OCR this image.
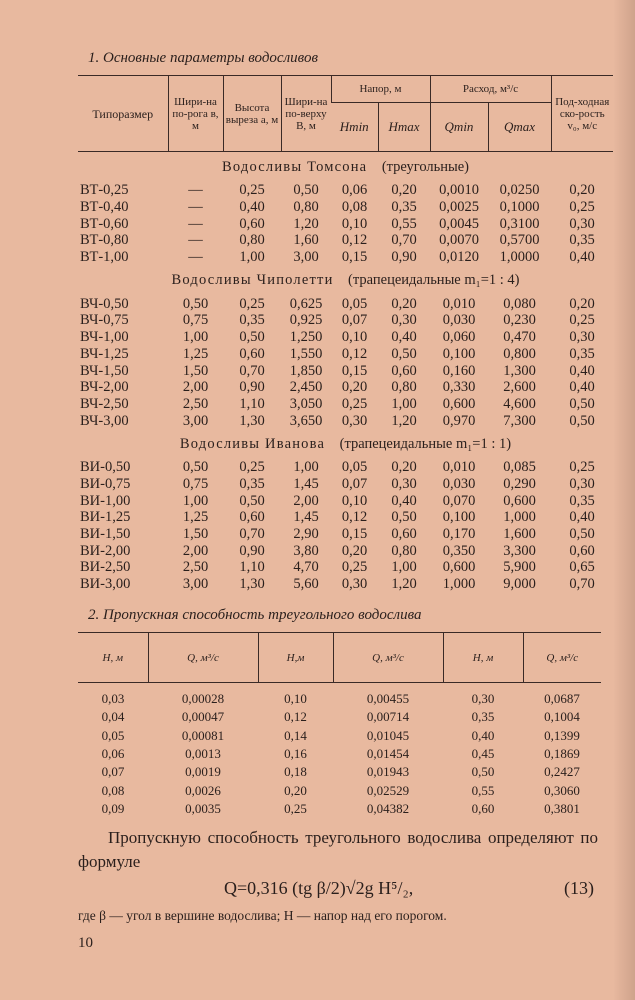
1. Основные параметры водосливов
Типоразмер	Шири-на по-рога в, м	Высота выреза а, м	Шири-на по-верху В, м	Напор, м		Расход, м³/с		Под-ходная ско-рость v₀, м/с
				Hmin	Hmax	Qmin	Qmax	
Водосливы Томсона  (треугольные)								
ВТ-0,25	—	0,25	0,50	0,06	0,20	0,0010	0,0250	0,20
ВТ-0,40	—	0,40	0,80	0,08	0,35	0,0025	0,1000	0,25
ВТ-0,60	—	0,60	1,20	0,10	0,55	0,0045	0,3100	0,30
ВТ-0,80	—	0,80	1,60	0,12	0,70	0,0070	0,5700	0,35
ВТ-1,00	—	1,00	3,00	0,15	0,90	0,0120	1,0000	0,40
Водосливы Чиполетти  (трапецеидальные m₁=1 : 4)								
ВЧ-0,50	0,50	0,25	0,625	0,05	0,20	0,010	0,080	0,20
ВЧ-0,75	0,75	0,35	0,925	0,07	0,30	0,030	0,230	0,25
ВЧ-1,00	1,00	0,50	1,250	0,10	0,40	0,060	0,470	0,30
ВЧ-1,25	1,25	0,60	1,550	0,12	0,50	0,100	0,800	0,35
ВЧ-1,50	1,50	0,70	1,850	0,15	0,60	0,160	1,300	0,40
ВЧ-2,00	2,00	0,90	2,450	0,20	0,80	0,330	2,600	0,40
ВЧ-2,50	2,50	1,10	3,050	0,25	1,00	0,600	4,600	0,50
ВЧ-3,00	3,00	1,30	3,650	0,30	1,20	0,970	7,300	0,50
Водосливы Иванова  (трапецеидальные m₁=1 : 1)								
ВИ-0,50	0,50	0,25	1,00	0,05	0,20	0,010	0,085	0,25
ВИ-0,75	0,75	0,35	1,45	0,07	0,30	0,030	0,290	0,30
ВИ-1,00	1,00	0,50	2,00	0,10	0,40	0,070	0,600	0,35
ВИ-1,25	1,25	0,60	1,45	0,12	0,50	0,100	1,000	0,40
ВИ-1,50	1,50	0,70	2,90	0,15	0,60	0,170	1,600	0,50
ВИ-2,00	2,00	0,90	3,80	0,20	0,80	0,350	3,300	0,60
ВИ-2,50	2,50	1,10	4,70	0,25	1,00	0,600	5,900	0,65
ВИ-3,00	3,00	1,30	5,60	0,30	1,20	1,000	9,000	0,70
2. Пропускная способность треугольного водослива
H, м	Q, м³/с	H,м	Q, м³/с	H, м	Q, м³/с
0,03	0,00028	0,10	0,00455	0,30	0,0687
0,04	0,00047	0,12	0,00714	0,35	0,1004
0,05	0,00081	0,14	0,01045	0,40	0,1399
0,06	0,0013	0,16	0,01454	0,45	0,1869
0,07	0,0019	0,18	0,01943	0,50	0,2427
0,08	0,0026	0,20	0,02529	0,55	0,3060
0,09	0,0035	0,25	0,04382	0,60	0,3801
Пропускную способность треугольного водослива определяют по формуле
Q=0,316 (tg β/2)√2g H⁵/₂,	(13)
где β — угол в вершине водослива; H — напор над его порогом.
10
